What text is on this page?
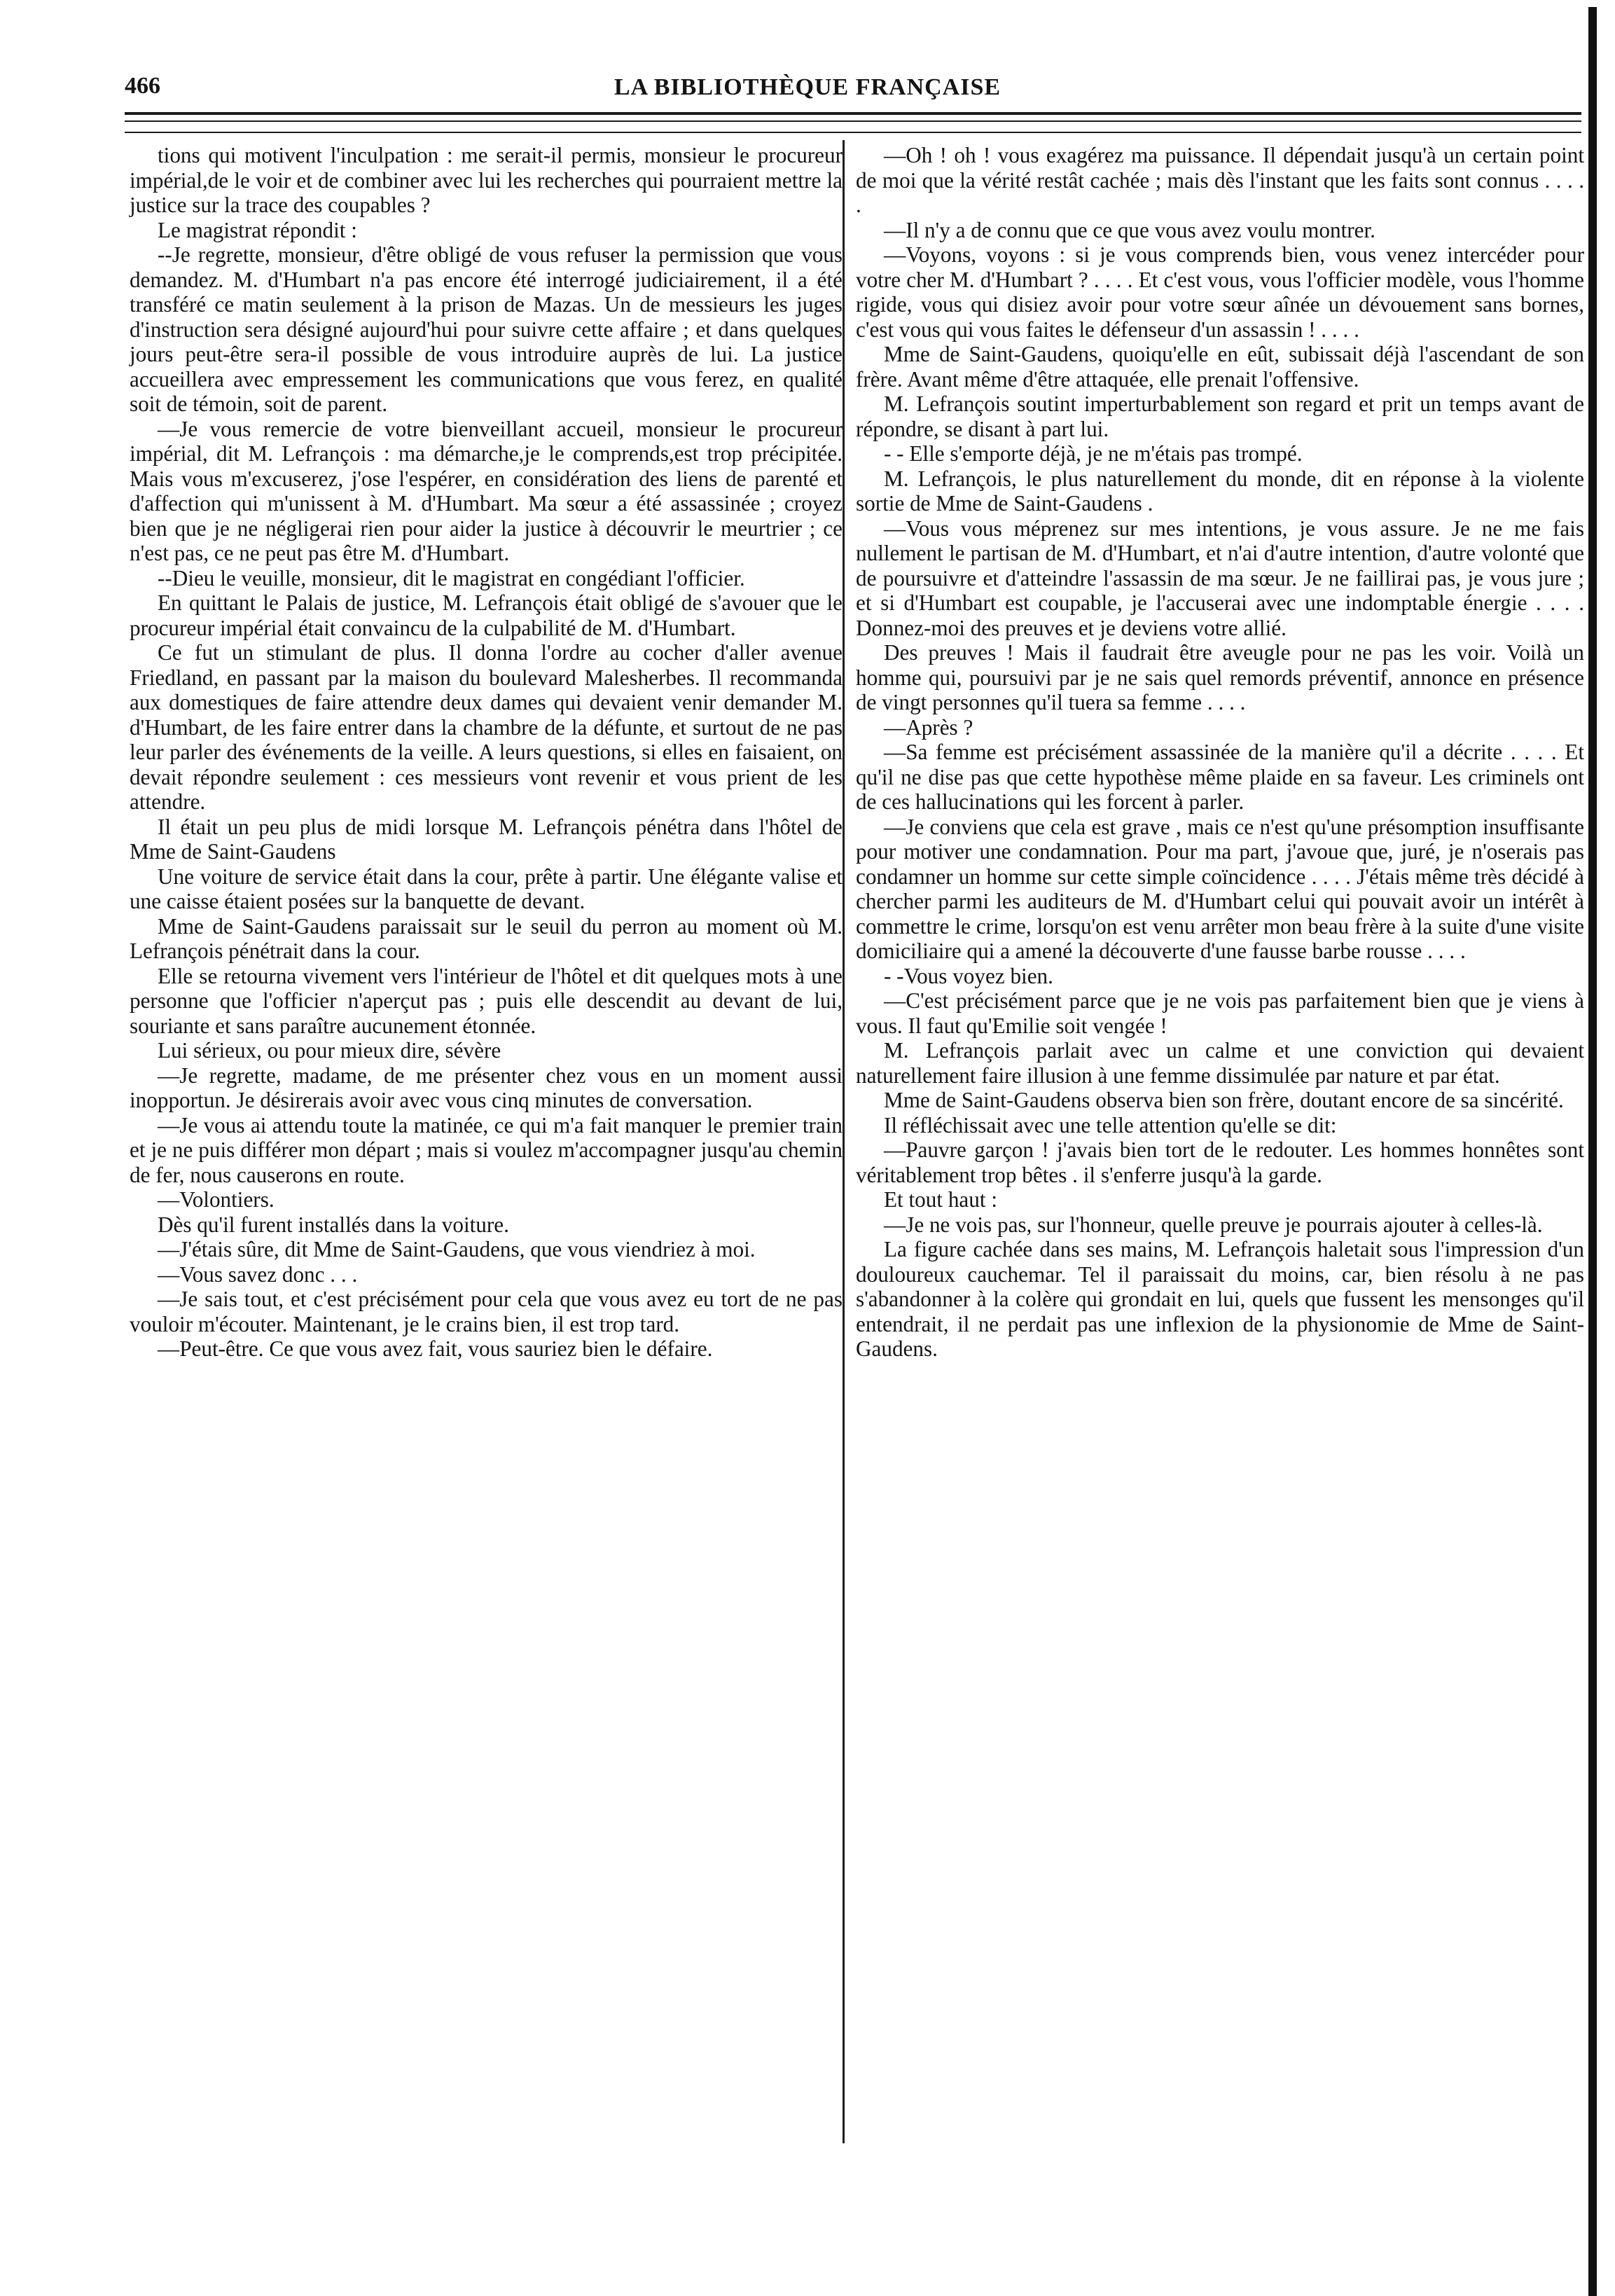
466	LA BIBLIOTHÈQUE FRANÇAISE

tions qui motivent l'inculpation : me serait-il permis, monsieur le procureur impérial,de le voir et de combiner avec lui les recherches qui pourraient mettre la justice sur la trace des coupables ?

Le magistrat répondit :

--Je regrette, monsieur, d'être obligé de vous refuser la permission que vous demandez. M. d'Humbart n'a pas encore été interrogé judiciairement, il a été transféré ce matin seulement à la prison de Mazas. Un de messieurs les juges d'instruction sera désigné aujourd'hui pour suivre cette affaire ; et dans quelques jours peut-être sera-il possible de vous introduire auprès de lui. La justice accueillera avec empressement les communications que vous ferez, en qualité soit de témoin, soit de parent.

—Je vous remercie de votre bienveillant accueil, monsieur le procureur impérial, dit M. Lefrançois : ma démarche,je le comprends,est trop précipitée. Mais vous m'excuserez, j'ose l'espérer, en considération des liens de parenté et d'affection qui m'unissent à M. d'Humbart. Ma sœur a été assassinée ; croyez bien que je ne négligerai rien pour aider la justice à découvrir le meurtrier ; ce n'est pas, ce ne peut pas être M. d'Humbart.

--Dieu le veuille, monsieur, dit le magistrat en congédiant l'officier.

En quittant le Palais de justice, M. Lefrançois était obligé de s'avouer que le procureur impérial était convaincu de la culpabilité de M. d'Humbart.

Ce fut un stimulant de plus. Il donna l'ordre au cocher d'aller avenue Friedland, en passant par la maison du boulevard Malesherbes. Il recommanda aux domestiques de faire attendre deux dames qui devaient venir demander M. d'Humbart, de les faire entrer dans la chambre de la défunte, et surtout de ne pas leur parler des événements de la veille. A leurs questions, si elles en faisaient, on devait répondre seulement : ces messieurs vont revenir et vous prient de les attendre.

Il était un peu plus de midi lorsque M. Lefrançois pénétra dans l'hôtel de Mme de Saint-Gaudens

Une voiture de service était dans la cour, prête à partir. Une élégante valise et une caisse étaient posées sur la banquette de devant.

Mme de Saint-Gaudens paraissait sur le seuil du perron au moment où M. Lefrançois pénétrait dans la cour.

Elle se retourna vivement vers l'intérieur de l'hôtel et dit quelques mots à une personne que l'officier n'aperçut pas ; puis elle descendit au devant de lui, souriante et sans paraître aucunement étonnée.

Lui sérieux, ou pour mieux dire, sévère

—Je regrette, madame, de me présenter chez vous en un moment aussi inopportun. Je désirerais avoir avec vous cinq minutes de conversation.

—Je vous ai attendu toute la matinée, ce qui m'a fait manquer le premier train et je ne puis différer mon départ ; mais si voulez m'accompagner jusqu'au chemin de fer, nous causerons en route.

—Volontiers.

Dès qu'il furent installés dans la voiture.

—J'étais sûre, dit Mme de Saint-Gaudens, que vous viendriez à moi.

—Vous savez donc . . .

—Je sais tout, et c'est précisément pour cela que vous avez eu tort de ne pas vouloir m'écouter. Maintenant, je le crains bien, il est trop tard.

—Peut-être. Ce que vous avez fait, vous sauriez bien le défaire.

—Oh ! oh ! vous exagérez ma puissance. Il dépendait jusqu'à un certain point de moi que la vérité restât cachée ; mais dès l'instant que les faits sont connus . . . . .

—Il n'y a de connu que ce que vous avez voulu montrer.

—Voyons, voyons : si je vous comprends bien, vous venez intercéder pour votre cher M. d'Humbart ? . . . . Et c'est vous, vous l'officier modèle, vous l'homme rigide, vous qui disiez avoir pour votre sœur aînée un dévouement sans bornes, c'est vous qui vous faites le défenseur d'un assassin ! . . . .

Mme de Saint-Gaudens, quoiqu'elle en eût, subissait déjà l'ascendant de son frère. Avant même d'être attaquée, elle prenait l'offensive.

M. Lefrançois soutint imperturbablement son regard et prit un temps avant de répondre, se disant à part lui.

- - Elle s'emporte déjà, je ne m'étais pas trompé.

M. Lefrançois, le plus naturellement du monde, dit en réponse à la violente sortie de Mme de Saint-Gaudens .

—Vous vous méprenez sur mes intentions, je vous assure. Je ne me fais nullement le partisan de M. d'Humbart, et n'ai d'autre intention, d'autre volonté que de poursuivre et d'atteindre l'assassin de ma sœur. Je ne faillirai pas, je vous jure ; et si d'Humbart est coupable, je l'accuserai avec une indomptable énergie . . . . Donnez-moi des preuves et je deviens votre allié.

Des preuves ! Mais il faudrait être aveugle pour ne pas les voir. Voilà un homme qui, poursuivi par je ne sais quel remords préventif, annonce en présence de vingt personnes qu'il tuera sa femme . . . .

—Après ?

—Sa femme est précisément assassinée de la manière qu'il a décrite . . . . Et qu'il ne dise pas que cette hypothèse même plaide en sa faveur. Les criminels ont de ces hallucinations qui les forcent à parler.

—Je conviens que cela est grave , mais ce n'est qu'une présomption insuffisante pour motiver une condamnation. Pour ma part, j'avoue que, juré, je n'oserais pas condamner un homme sur cette simple coïncidence . . . . J'étais même très décidé à chercher parmi les auditeurs de M. d'Humbart celui qui pouvait avoir un intérêt à commettre le crime, lorsqu'on est venu arrêter mon beau frère à la suite d'une visite domiciliaire qui a amené la découverte d'une fausse barbe rousse . . . .

- -Vous voyez bien.

—C'est précisément parce que je ne vois pas parfaitement bien que je viens à vous. Il faut qu'Emilie soit vengée !

M. Lefrançois parlait avec un calme et une conviction qui devaient naturellement faire illusion à une femme dissimulée par nature et par état.

Mme de Saint-Gaudens observa bien son frère, doutant encore de sa sincérité.

Il réfléchissait avec une telle attention qu'elle se dit:

—Pauvre garçon ! j'avais bien tort de le redouter. Les hommes honnêtes sont véritablement trop bêtes . il s'enferre jusqu'à la garde.

Et tout haut :

—Je ne vois pas, sur l'honneur, quelle preuve je pourrais ajouter à celles-là.

La figure cachée dans ses mains, M. Lefrançois haletait sous l'impression d'un douloureux cauchemar. Tel il paraissait du moins, car, bien résolu à ne pas s'abandonner à la colère qui grondait en lui, quels que fussent les mensonges qu'il entendrait, il ne perdait pas une inflexion de la physionomie de Mme de Saint-Gaudens.
